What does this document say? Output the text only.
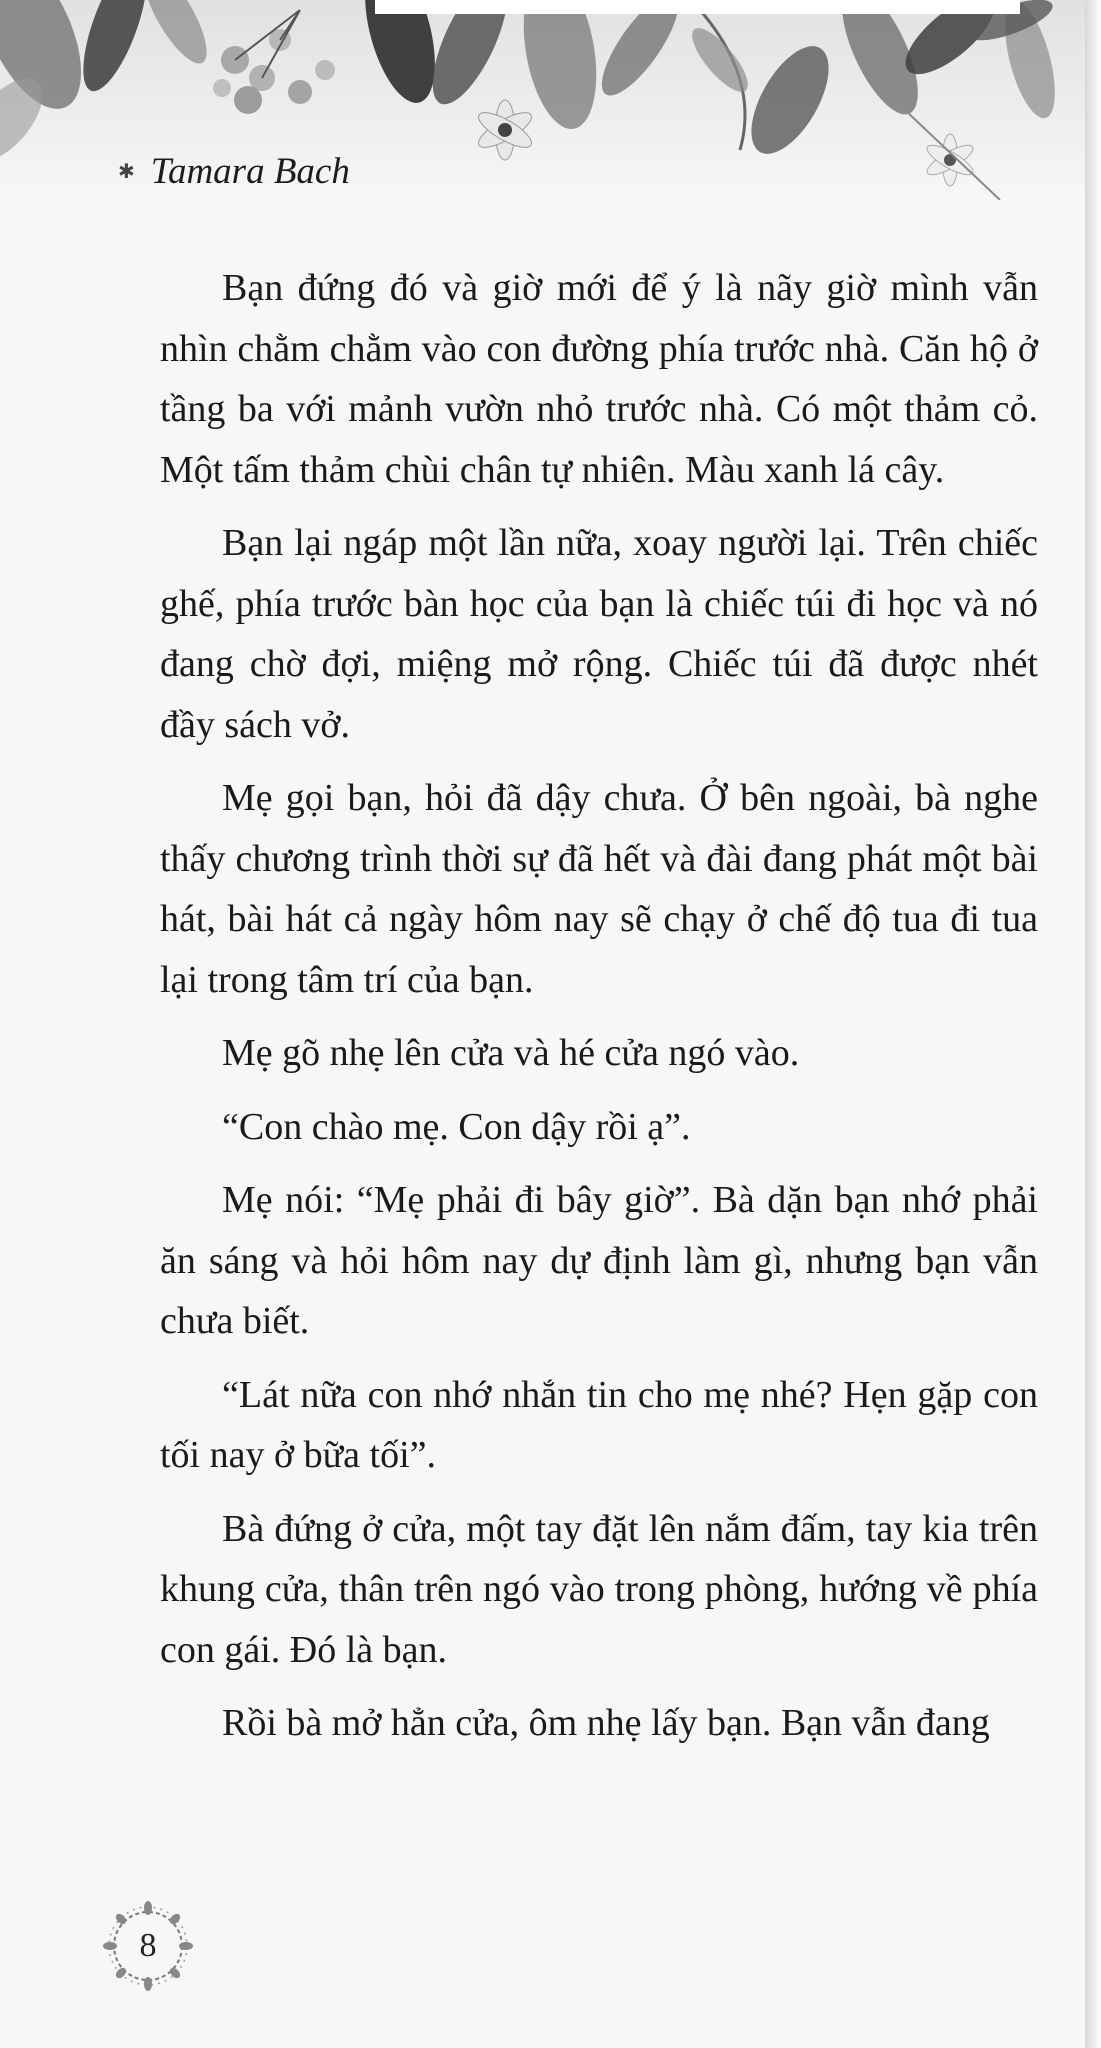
✱ Tamara Bach

Bạn đứng đó và giờ mới để ý là nãy giờ mình vẫn nhìn chằm chằm vào con đường phía trước nhà. Căn hộ ở tầng ba với mảnh vườn nhỏ trước nhà. Có một thảm cỏ. Một tấm thảm chùi chân tự nhiên. Màu xanh lá cây.

Bạn lại ngáp một lần nữa, xoay người lại. Trên chiếc ghế, phía trước bàn học của bạn là chiếc túi đi học và nó đang chờ đợi, miệng mở rộng. Chiếc túi đã được nhét đầy sách vở.

Mẹ gọi bạn, hỏi đã dậy chưa. Ở bên ngoài, bà nghe thấy chương trình thời sự đã hết và đài đang phát một bài hát, bài hát cả ngày hôm nay sẽ chạy ở chế độ tua đi tua lại trong tâm trí của bạn.

Mẹ gõ nhẹ lên cửa và hé cửa ngó vào.

“Con chào mẹ. Con dậy rồi ạ”.

Mẹ nói: “Mẹ phải đi bây giờ”. Bà dặn bạn nhớ phải ăn sáng và hỏi hôm nay dự định làm gì, nhưng bạn vẫn chưa biết.

“Lát nữa con nhớ nhắn tin cho mẹ nhé? Hẹn gặp con tối nay ở bữa tối”.

Bà đứng ở cửa, một tay đặt lên nắm đấm, tay kia trên khung cửa, thân trên ngó vào trong phòng, hướng về phía con gái. Đó là bạn.

Rồi bà mở hẳn cửa, ôm nhẹ lấy bạn. Bạn vẫn đang

8
